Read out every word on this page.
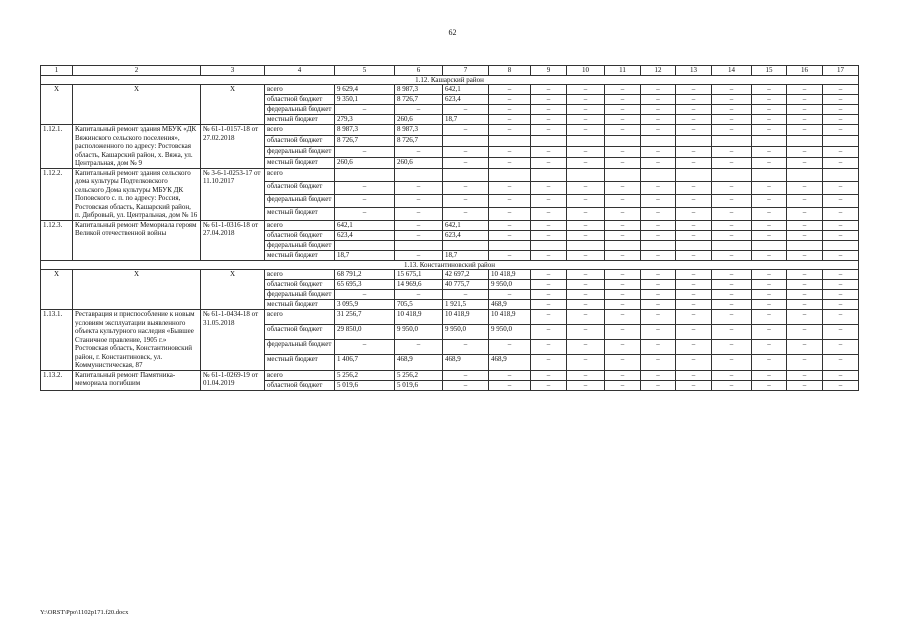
62
1	2	3	4	5	6	7	8	9	10	11	12	13	14	15	16	17
1.12. Кашарский район																
X	X	X	всего	9 629,4	8 987,3	642,1	–	–	–	–	–	–	–	–	–	–
			областной бюджет	9 350,1	8 726,7	623,4	–	–	–	–	–	–	–	–	–	–
			федеральный бюджет	–	–	–	–	–	–	–	–	–	–	–	–	–
			местный бюджет	279,3	260,6	18,7	–	–	–	–	–	–	–	–	–	–
1.12.1.	Капитальный ремонт здания МБУК «ДК Вяжинского сельского поселения», расположенного по адресу: Ростовская область, Кашарский район, х. Вяжа, ул. Центральная, дом № 9	№ 61-1-0157-18 от 27.02.2018	всего	8 987,3	8 987,3	–	–	–	–	–	–	–	–	–	–	–
			областной бюджет	8 726,7	8 726,7											
			федеральный бюджет	–	–	–	–	–	–	–	–	–	–	–	–	–
			местный бюджет	260,6	260,6	–	–	–	–	–	–	–	–	–	–	–
1.12.2.	Капитальный ремонт здания сельского дома культуры Подтелковского сельского Дома культуры МБУК ДК Поповского с. п. по адресу: Россия, Ростовская область, Кашарский район, п. Дибровый, ул. Центральная, дом № 16	№ 3-6-1-0253-17 от 11.10.2017	всего													
			областной бюджет	–	–	–	–	–	–	–	–	–	–	–	–	–
			федеральный бюджет	–	–	–	–	–	–	–	–	–	–	–	–	–
			местный бюджет	–	–	–	–	–	–	–	–	–	–	–	–	–
1.12.3.	Капитальный ремонт Мемориала героям Великой отечественной войны	№ 61-1-0316-18 от 27.04.2018	всего	642,1	–	642,1	–	–	–	–	–	–	–	–	–	–
			областной бюджет	623,4	–	623,4	–	–	–	–	–	–	–	–	–	–
			федеральный бюджет													
			местный бюджет	18,7	–	18,7	–	–	–	–	–	–	–	–	–	–
1.13. Константиновский район																
X	X	X	всего	68 791,2	15 675,1	42 697,2	10 418,9	–	–	–	–	–	–	–	–	–
			областной бюджет	65 695,3	14 969,6	40 775,7	9 950,0	–	–	–	–	–	–	–	–	–
			федеральный бюджет	–	–	–	–	–	–	–	–	–	–	–	–	–
			местный бюджет	3 095,9	705,5	1 921,5	468,9	–	–	–	–	–	–	–	–	–
1.13.1.	Реставрация и приспособление к новым условиям эксплуатации выявленного объекта культурного наследия «Бывшее Станичное правление, 1905 г.» Ростовская область, Константиновский район, г. Константиновск, ул. Коммунистическая, 87	№ 61-1-0434-18 от 31.05.2018	всего	31 256,7	10 418,9	10 418,9	10 418,9	–	–	–	–	–	–	–	–	–
			областной бюджет	29 850,0	9 950,0	9 950,0	9 950,0	–	–	–	–	–	–	–	–	–
			федеральный бюджет	–	–	–	–	–	–	–	–	–	–	–	–	–
			местный бюджет	1 406,7	468,9	468,9	468,9	–	–	–	–	–	–	–	–	–
1.13.2.	Капитальный ремонт Памятника-мемориала погибшим	№ 61-1-0269-19 от 01.04.2019	всего	5 256,2	5 256,2	–	–	–	–	–	–	–	–	–	–	–
			областной бюджет	5 019,6	5 019,6	–	–	–	–	–	–	–	–	–	–	–
Y:\ORST\Ppo\1102p171.f20.docx
